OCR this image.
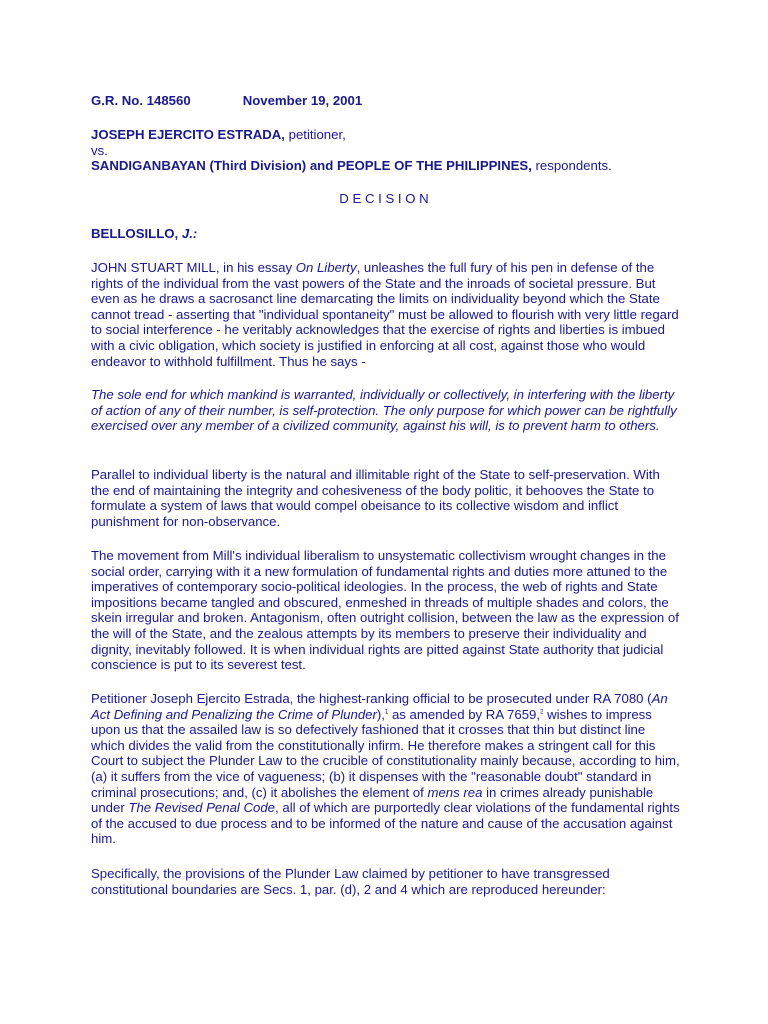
G.R. No. 148560	November 19, 2001

JOSEPH EJERCITO ESTRADA, petitioner,

vs.

SANDIGANBAYAN (Third Division) and PEOPLE OF THE PHILIPPINES, respondents.

D E C I S I O N
BELLOSILLO, J.:

JOHN STUART MILL, in his essay On Liberty, unleashes the full fury of his pen in defense of the rights of the individual from the vast powers of the State and the inroads of societal pressure. But even as he draws a sacrosanct line demarcating the limits on individuality beyond which the State cannot tread - asserting that "individual spontaneity" must be allowed to flourish with very little regard to social interference - he veritably acknowledges that the exercise of rights and liberties is imbued with a civic obligation, which society is justified in enforcing at all cost, against those who would endeavor to withhold fulfillment. Thus he says -

The sole end for which mankind is warranted, individually or collectively, in interfering with the liberty of action of any of their number, is self-protection. The only purpose for which power can be rightfully exercised over any member of a civilized community, against his will, is to prevent harm to others.

Parallel to individual liberty is the natural and illimitable right of the State to self-preservation. With the end of maintaining the integrity and cohesiveness of the body politic, it behooves the State to formulate a system of laws that would compel obeisance to its collective wisdom and inflict punishment for non-observance.

The movement from Mill's individual liberalism to unsystematic collectivism wrought changes in the social order, carrying with it a new formulation of fundamental rights and duties more attuned to the imperatives of contemporary socio-political ideologies. In the process, the web of rights and State impositions became tangled and obscured, enmeshed in threads of multiple shades and colors, the skein irregular and broken. Antagonism, often outright collision, between the law as the expression of the will of the State, and the zealous attempts by its members to preserve their individuality and dignity, inevitably followed. It is when individual rights are pitted against State authority that judicial conscience is put to its severest test.

Petitioner Joseph Ejercito Estrada, the highest-ranking official to be prosecuted under RA 7080 (An Act Defining and Penalizing the Crime of Plunder),$^1$ as amended by RA 7659,$^2$ wishes to impress upon us that the assailed law is so defectively fashioned that it crosses that thin but distinct line which divides the valid from the constitutionally infirm. He therefore makes a stringent call for this Court to subject the Plunder Law to the crucible of constitutionality mainly because, according to him, (a) it suffers from the vice of vagueness; (b) it dispenses with the "reasonable doubt" standard in criminal prosecutions; and, (c) it abolishes the element of mens rea in crimes already punishable under The Revised Penal Code, all of which are purportedly clear violations of the fundamental rights of the accused to due process and to be informed of the nature and cause of the accusation against him.

Specifically, the provisions of the Plunder Law claimed by petitioner to have transgressed constitutional boundaries are Secs. 1, par. (d), 2 and 4 which are reproduced hereunder:
